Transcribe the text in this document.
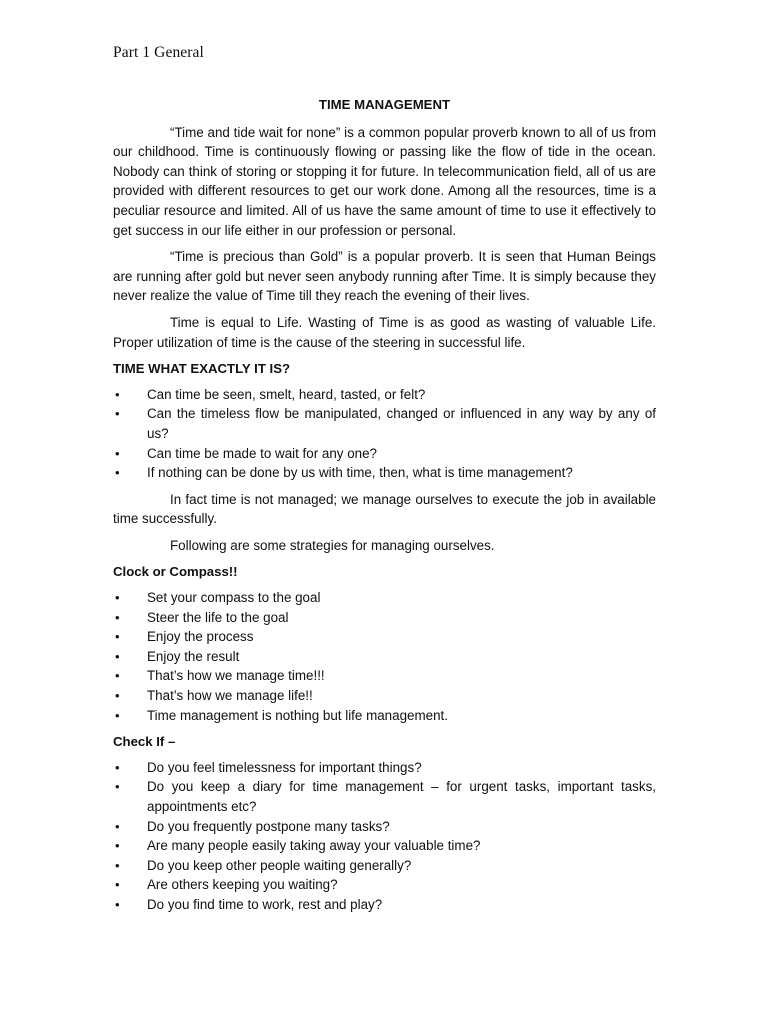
Part 1 General
TIME MANAGEMENT

“Time and tide wait for none” is a common popular proverb known to all of us from our childhood. Time is continuously flowing or passing like the flow of tide in the ocean. Nobody can think of storing or stopping it for future. In telecommunication field, all of us are provided with different resources to get our work done. Among all the resources, time is a peculiar resource and limited. All of us have the same amount of time to use it effectively to get success in our life either in our profession or personal.

“Time is precious than Gold” is a popular proverb. It is seen that Human Beings are running after gold but never seen anybody running after Time. It is simply because they never realize the value of Time till they reach the evening of their lives.

Time is equal to Life. Wasting of Time is as good as wasting of valuable Life. Proper utilization of time is the cause of the steering in successful life.

TIME WHAT EXACTLY IT IS?
• Can time be seen, smelt, heard, tasted, or felt?
• Can the timeless flow be manipulated, changed or influenced in any way by any of us?
• Can time be made to wait for any one?
• If nothing can be done by us with time, then, what is time management?

In fact time is not managed; we manage ourselves to execute the job in available time successfully.

Following are some strategies for managing ourselves.

Clock or Compass!!
• Set your compass to the goal
• Steer the life to the goal
• Enjoy the process
• Enjoy the result
• That’s how we manage time!!!
• That’s how we manage life!!
• Time management is nothing but life management.
Check If –
• Do you feel timelessness for important things?
• Do you keep a diary for time management – for urgent tasks, important tasks, appointments etc?
• Do you frequently postpone many tasks?
• Are many people easily taking away your valuable time?
• Do you keep other people waiting generally?
• Are others keeping you waiting?
• Do you find time to work, rest and play?
